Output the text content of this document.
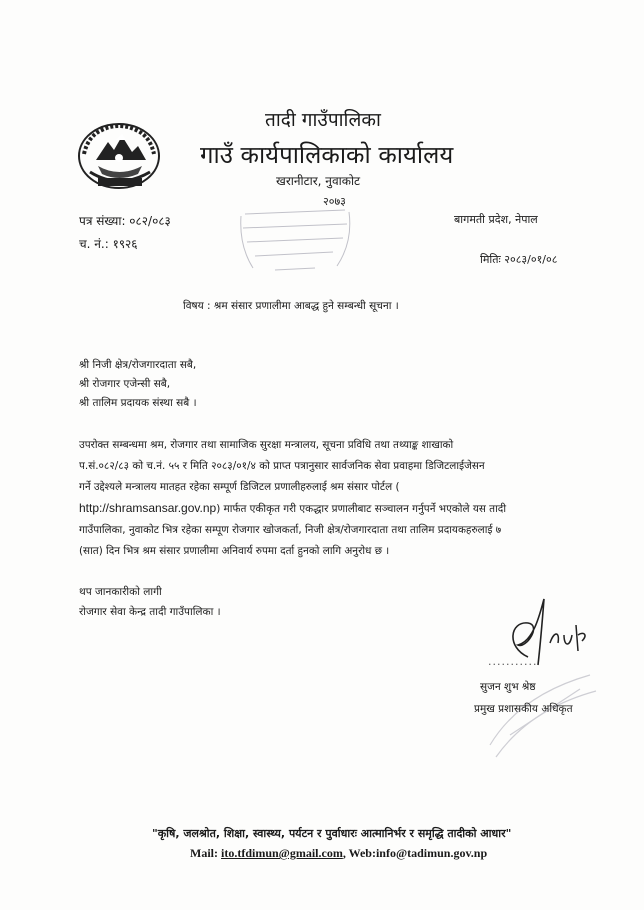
तादी गाउँपालिका
गाउँ कार्यपालिकाको कार्यालय
खरानीटार, नुवाकोट
२०७३
पत्र संख्या: ०८२/०८३
च. नं.: १९२६
बागमती प्रदेश, नेपाल
मितिः २०८३/०१/०८
विषय : श्रम संसार प्रणालीमा आबद्ध हुने सम्बन्धी सूचना ।
श्री निजी क्षेत्र/रोजगारदाता सबै,
श्री रोजगार एजेन्सी सबै,
श्री तालिम प्रदायक संस्था सबै ।
उपरोक्त सम्बन्धमा श्रम, रोजगार तथा सामाजिक सुरक्षा मन्त्रालय, सूचना प्रविधि तथा तथ्याङ्क शाखाको
प.सं.०८२/८३ को च.नं. ५५ र मिति २०८३/०१/४ को प्राप्त पत्रानुसार सार्वजनिक सेवा प्रवाहमा डिजिटलाईजेसन
गर्ने उद्देश्यले मन्त्रालय मातहत रहेका सम्पूर्ण डिजिटल प्रणालीहरुलाई श्रम संसार पोर्टल (
http://shramsansar.gov.np) मार्फत एकीकृत गरी एकद्धार प्रणालीबाट सञ्चालन गर्नुपर्ने भएकोले यस तादी
गाउँपालिका, नुवाकोट भित्र रहेका सम्पूण रोजगार खोजकर्ता, निजी क्षेत्र/रोजगारदाता तथा तालिम प्रदायकहरुलाई ७
(सात) दिन भित्र श्रम संसार प्रणालीमा अनिवार्य रुपमा दर्ता हुनको लागि अनुरोध छ ।
थप जानकारीको लागी
रोजगार सेवा केन्द्र तादी गाउँपालिका ।
...........
सुजन शुभ श्रेष्ठ
प्रमुख प्रशासकीय अधिकृत
"कृषि, जलश्रोत, शिक्षा, स्वास्थ्य, पर्यटन र पुर्वाधारः आत्मानिर्भर र समृद्धि तादीको आधार"
Mail: ito.tfdimun@gmail.com, Web:info@tadimun.gov.np
